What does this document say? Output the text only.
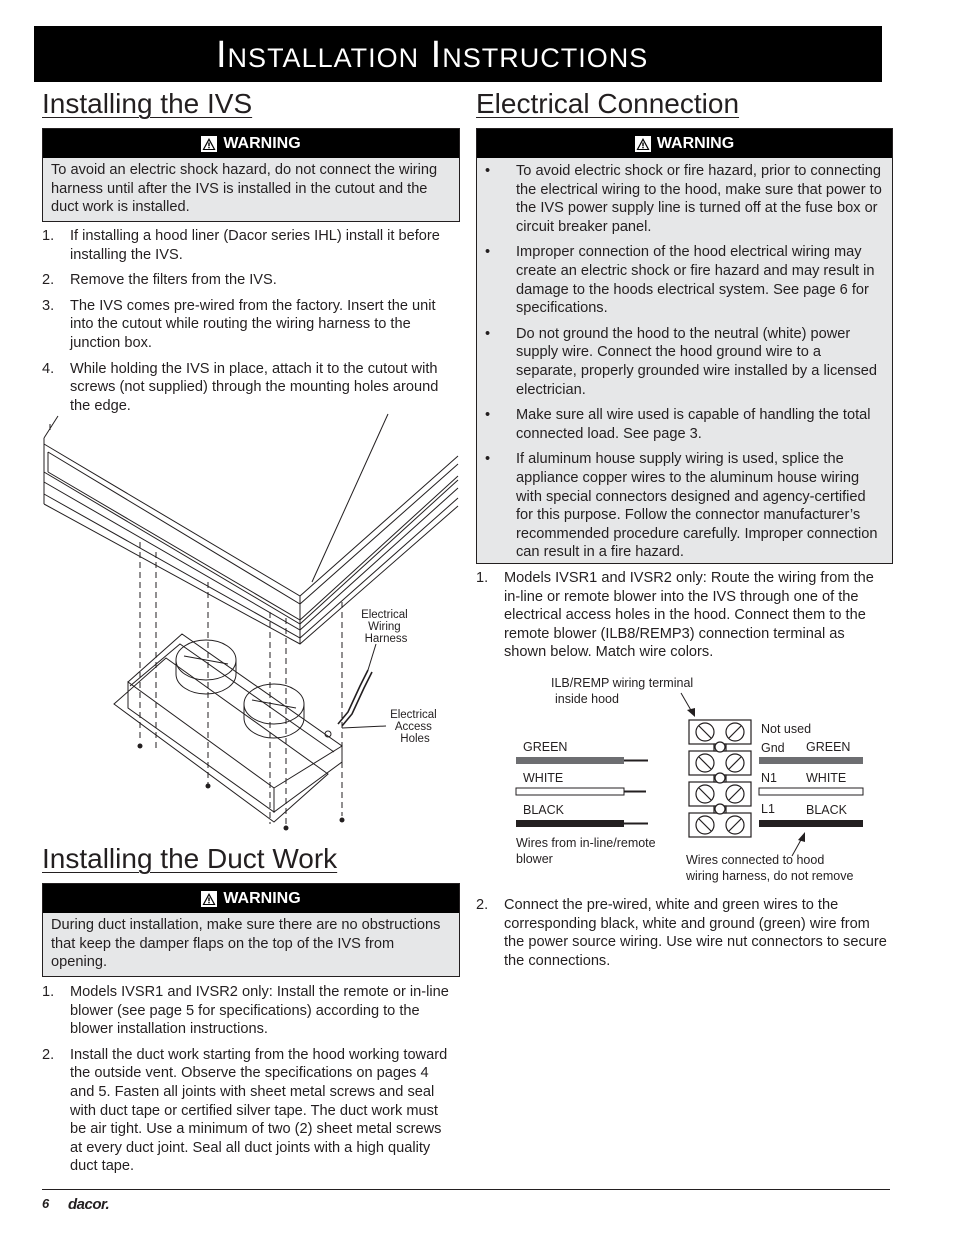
Installation Instructions
Installing the IVS
WARNING
To avoid an electric shock hazard, do not connect the wiring harness until after the IVS is installed in the cutout and the duct work is installed.
1. If installing a hood liner (Dacor series IHL) install it before installing the IVS.
2. Remove the filters from the IVS.
3. The IVS comes pre-wired from the factory. Insert the unit into the cutout while routing the wiring harness to the junction box.
4. While holding the IVS in place, attach it to the cutout with screws (not supplied) through the mounting holes around the edge.
Electrical Wiring Harness
Electrical Access Holes
Installing the Duct Work
WARNING
During duct installation, make sure there are no obstructions that keep the damper flaps on the top of the IVS from opening.
1. Models IVSR1 and IVSR2 only: Install the remote or in-line blower (see page 5 for specifications) according to the blower installation instructions.
2. Install the duct work starting from the hood working toward the outside vent. Observe the specifications on pages 4 and 5. Fasten all joints with sheet metal screws and seal with duct tape or certified silver tape. The duct work must be air tight. Use a minimum of two (2) sheet metal screws at every duct joint. Seal all duct joints with a high quality duct tape.
Electrical Connection
WARNING
• To avoid electric shock or fire hazard, prior to connecting the electrical wiring to the hood, make sure that power to the IVS power supply line is turned off at the fuse box or circuit breaker panel.
• Improper connection of the hood electrical wiring may create an electric shock or fire hazard and may result in damage to the hoods electrical system. See page 6 for specifications.
• Do not ground the hood to the neutral (white) power supply wire. Connect the hood ground wire to a separate, properly grounded wire installed by a licensed electrician.
• Make sure all wire used is capable of handling the total connected load. See page 3.
• If aluminum house supply wiring is used, splice the appliance copper wires to the aluminum house wiring with special connectors designed and agency-certified for this purpose. Follow the connector manufacturer’s recommended procedure carefully. Improper connection can result in a fire hazard.
1. Models IVSR1 and IVSR2 only: Route the wiring from the in-line or remote blower into the IVS through one of the electrical access holes in the hood. Connect them to the remote blower (ILB8/REMP3) connection terminal as shown below. Match wire colors.
ILB/REMP wiring terminal inside hood
GREEN
WHITE
BLACK
Wires from in-line/remote blower
Not used
Gnd
N1
L1
GREEN
WHITE
BLACK
Wires connected to hood wiring harness, do not remove
2. Connect the pre-wired, white and green wires to the corresponding black, white and ground (green) wire from the power source wiring. Use wire nut connectors to secure the connections.
6 dacor.
